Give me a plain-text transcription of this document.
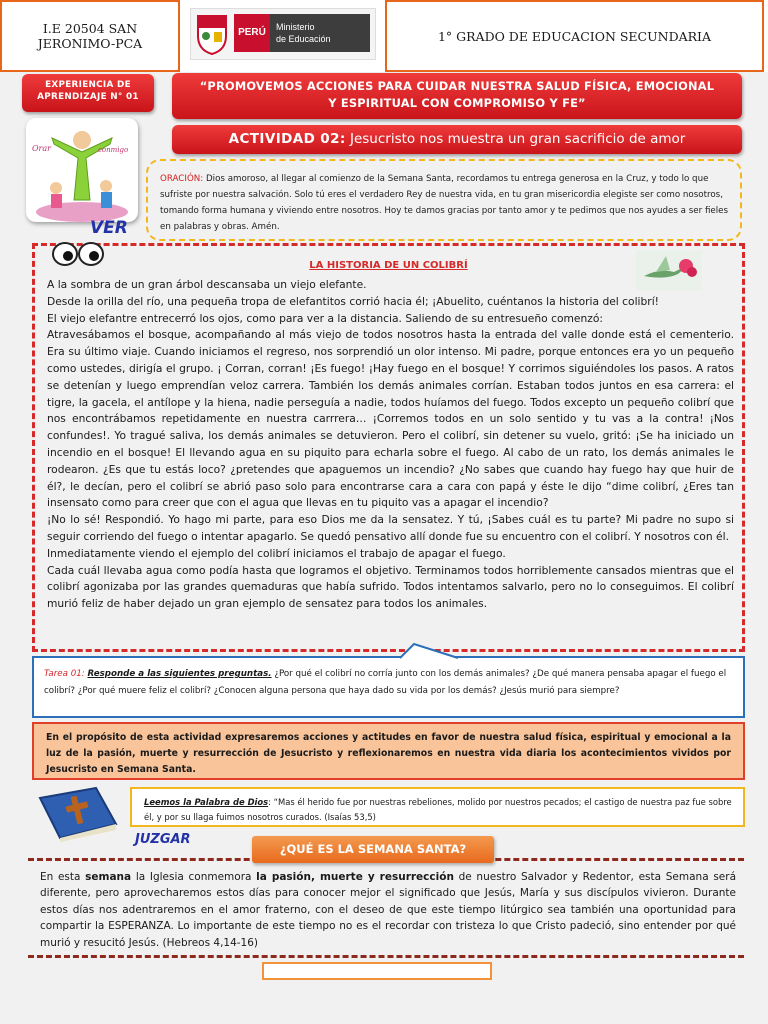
I.E 20504 SAN
JERONIMO-PCA
PERÚ	Ministerio
de Educación	1° GRADO DE EDUCACION SECUNDARIA
EXPERIENCIA DE
APRENDIZAJE N° 01
“PROMOVEMOS ACCIONES PARA CUIDAR NUESTRA SALUD FÍSICA, EMOCIONAL
Y ESPIRITUAL CON COMPROMISO Y FE”
ACTIVIDAD 02: Jesucristo nos muestra un gran sacrificio de amor
Orar	conmigo
ORACIÓN: Dios amoroso, al llegar al comienzo de la Semana Santa, recordamos tu entrega generosa en la Cruz, y todo lo que sufriste por nuestra salvación. Solo tú eres el verdadero Rey de nuestra vida, en tu gran misericordia elegiste ser como nosotros, tomando forma humana y viviendo entre nosotros. Hoy te damos gracias por tanto amor y te pedimos que nos ayudes a ser fieles en palabras y obras. Amén.
VER
LA HISTORIA DE UN COLIBRÍ

A la sombra de un gran árbol descansaba un viejo elefante.

Desde la orilla del río, una pequeña tropa de elefantitos corrió hacia él; ¡Abuelito, cuéntanos la historia del colibrí!

El viejo elefantre entrecerró los ojos, como para ver a la distancia. Saliendo de su entresueño comenzó:

Atravesábamos el bosque, acompañando al más viejo de todos nosotros hasta la entrada del valle donde está el cementerio. Era su último viaje. Cuando iniciamos el regreso, nos sorprendió un olor intenso. Mi padre, porque entonces era yo un pequeño como ustedes, dirigía el grupo. ¡ Corran, corran! ¡Es fuego! ¡Hay fuego en el bosque! Y corrimos siguiéndoles los pasos. A ratos se detenían y luego emprendían veloz carrera. También los demás animales corrían. Estaban todos juntos en esa carrera: el tigre, la gacela, el antílope y la hiena, nadie perseguía a nadie, todos huíamos del fuego. Todos excepto un pequeño colibrí que nos encontrábamos repetidamente en nuestra carrrera… ¡Corremos todos en un solo sentido y tu vas a la contra! ¡Nos confundes!. Yo tragué saliva, los demás animales se detuvieron. Pero el colibrí, sin detener su vuelo, gritó: ¡Se ha iniciado un incendio en el bosque! El llevando agua en su piquito para echarla sobre el fuego. Al cabo de un rato, los demás animales le rodearon. ¿Es que tu estás loco? ¿pretendes que apaguemos un incendio? ¿No sabes que cuando hay fuego hay que huir de él?, le decían, pero el colibrí se abrió paso solo para encontrarse cara a cara con papá y éste le dijo “dime colibrí, ¿Eres tan insensato como para creer que con el agua que llevas en tu piquito vas a apagar el incendio?

¡No lo sé! Respondió. Yo hago mi parte, para eso Dios me da la sensatez. Y tú, ¡Sabes cuál es tu parte? Mi padre no supo si seguir corriendo del fuego o intentar apagarlo. Se quedó pensativo allí donde fue su encuentro con el colibrí. Y nosotros con él.

Inmediatamente viendo el ejemplo del colibrí iniciamos el trabajo de apagar el fuego.

Cada cuál llevaba agua como podía hasta que logramos el objetivo. Terminamos todos horriblemente cansados mientras que el colibrí agonizaba por las grandes quemaduras que había sufrido. Todos intentamos salvarlo, pero no lo conseguimos. El colibrí murió feliz de haber dejado un gran ejemplo de sensatez para todos los animales.

Tarea 01: Responde a las siguientes preguntas. ¿Por qué el colibrí no corría junto con los demás animales? ¿De qué manera pensaba apagar el fuego el colibrí? ¿Por qué muere feliz el colibrí? ¿Conocen alguna persona que haya dado su vida por los demás? ¿Jesús murió para siempre?
En el propósito de esta actividad expresaremos acciones y actitudes en favor de nuestra salud física, espiritual y emocional a la luz de la pasión, muerte y resurrección de Jesucristo y reflexionaremos en nuestra vida diaria los acontecimientos vividos por Jesucristo en Semana Santa.
Leemos la Palabra de Dios: “Mas él herido fue por nuestras rebeliones, molido por nuestros pecados; el castigo de nuestra paz fue sobre él, y por su llaga fuimos nosotros curados. (Isaías 53,5)
JUZGAR
En esta semana la Iglesia conmemora la pasión, muerte y resurrección de nuestro Salvador y Redentor, esta Semana será diferente, pero aprovecharemos estos días para conocer mejor el significado que Jesús, María y sus discípulos vivieron. Durante estos días nos adentraremos en el amor fraterno, con el deseo de que este tiempo litúrgico sea también una oportunidad para compartir la ESPERANZA. Lo importante de este tiempo no es el recordar con tristeza lo que Cristo padeció, sino entender por qué murió y resucitó Jesús. (Hebreos 4,14-16)
¿QUÉ ES LA SEMANA SANTA?
